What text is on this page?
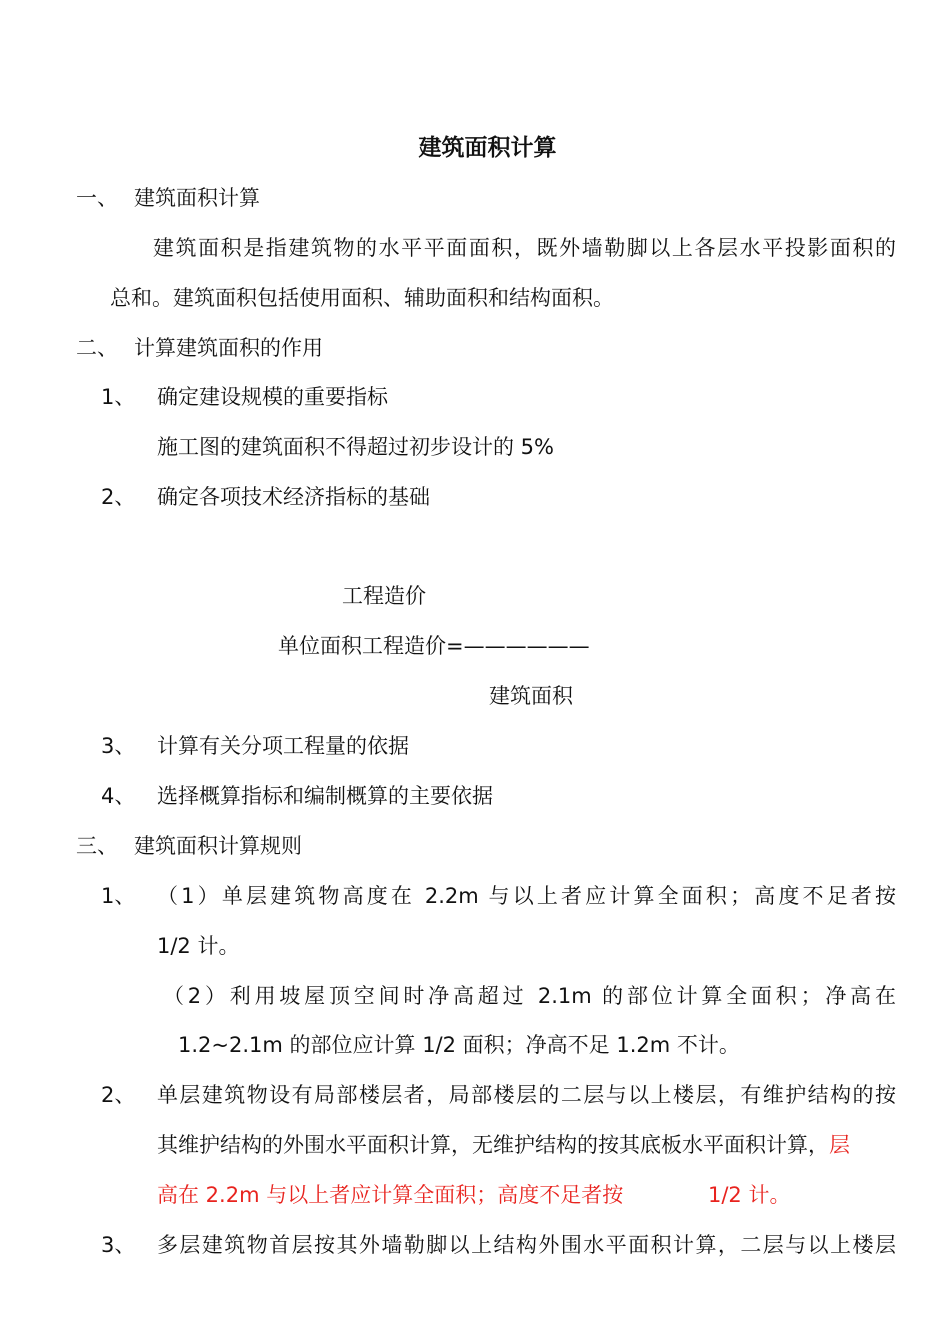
建筑面积计算
一、 建筑面积计算
建筑面积是指建筑物的水平平面面积，既外墙勒脚以上各层水平投影面积的
总和。建筑面积包括使用面积、辅助面积和结构面积。
二、 计算建筑面积的作用
1、 确定建设规模的重要指标
施工图的建筑面积不得超过初步设计的 5%
2、 确定各项技术经济指标的基础
工程造价
单位面积工程造价=——————
建筑面积
3、 计算有关分项工程量的依据
4、 选择概算指标和编制概算的主要依据
三、 建筑面积计算规则
1、 （1）单层建筑物高度在 2.2m 与以上者应计算全面积；高度不足者按
1/2 计。
（2）利用坡屋顶空间时净高超过 2.1m 的部位计算全面积；净高在
1.2~2.1m 的部位应计算 1/2 面积；净高不足 1.2m 不计。
2、 单层建筑物设有局部楼层者，局部楼层的二层与以上楼层，有维护结构的按
其维护结构的外围水平面积计算，无维护结构的按其底板水平面积计算，层
高在 2.2m 与以上者应计算全面积；高度不足者按	1/2 计。
3、 多层建筑物首层按其外墙勒脚以上结构外围水平面积计算，二层与以上楼层
